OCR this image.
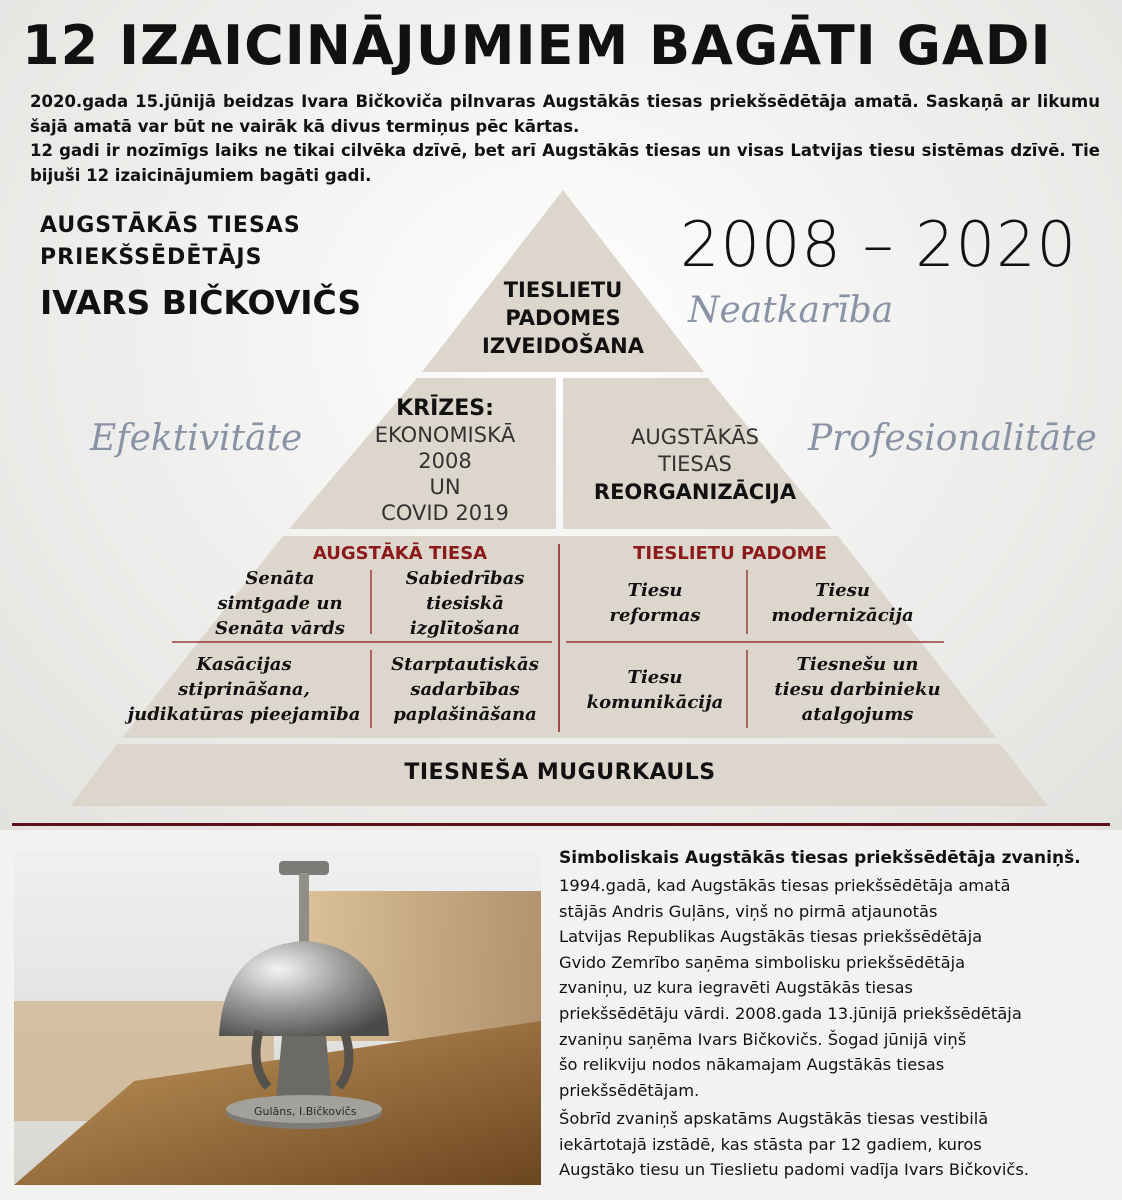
12 IZAICINĀJUMIEM BAGĀTI GADI
2020.gada 15.jūnijā beidzas Ivara Bičkoviča pilnvaras Augstākās tiesas priekšsēdētāja amatā. Saskaņā ar likumu šajā amatā var būt ne vairāk kā divus termiņus pēc kārtas.
12 gadi ir nozīmīgs laiks ne tikai cilvēka dzīvē, bet arī Augstākās tiesas un visas Latvijas tiesu sistēmas dzīvē. Tie bijuši 12 izaicinājumiem bagāti gadi.
AUGSTĀKĀS TIESAS
PRIEKŠSĒDĒTĀJS
IVARS BIČKOVIČS
2008 – 2020
Neatkarība
Efektivitāte	Profesionalitāte
TIESLIETU
PADOMES
IZVEIDOŠANA
KRĪZES:
EKONOMISKĀ
2008
UN
COVID 2019
AUGSTĀKĀS
TIESAS
REORGANIZĀCIJA
AUGSTĀKĀ TIESA	TIESLIETU PADOME
Senāta
simtgade un
Senāta vārds
Sabiedrības
tiesiskā
izglītošana
Tiesu
reformas
Tiesu
modernizācija
Kasācijas
stiprināšana,
judikatūras pieejamība
Starptautiskās
sadarbības
paplašināšana
Tiesu
komunikācija
Tiesnešu un
tiesu darbinieku
atalgojums
TIESNEŠA MUGURKAULS
Gulāns, I.Bičkovičs
Simboliskais Augstākās tiesas priekšsēdētāja zvaniņš.
1994.gadā, kad Augstākās tiesas priekšsēdētāja amatā
stājās Andris Guļāns, viņš no pirmā atjaunotās
Latvijas Republikas Augstākās tiesas priekšsēdētāja
Gvido Zemrībo saņēma simbolisku priekšsēdētāja
zvaniņu, uz kura iegravēti Augstākās tiesas
priekšsēdētāju vārdi. 2008.gada 13.jūnijā priekšsēdētāja
zvaniņu saņēma Ivars Bičkovičs. Šogad jūnijā viņš
šo relikviju nodos nākamajam Augstākās tiesas
priekšsēdētājam.
Šobrīd zvaniņš apskatāms Augstākās tiesas vestibilā
iekārtotajā izstādē, kas stāsta par 12 gadiem, kuros
Augstāko tiesu un Tieslietu padomi vadīja Ivars Bičkovičs.
